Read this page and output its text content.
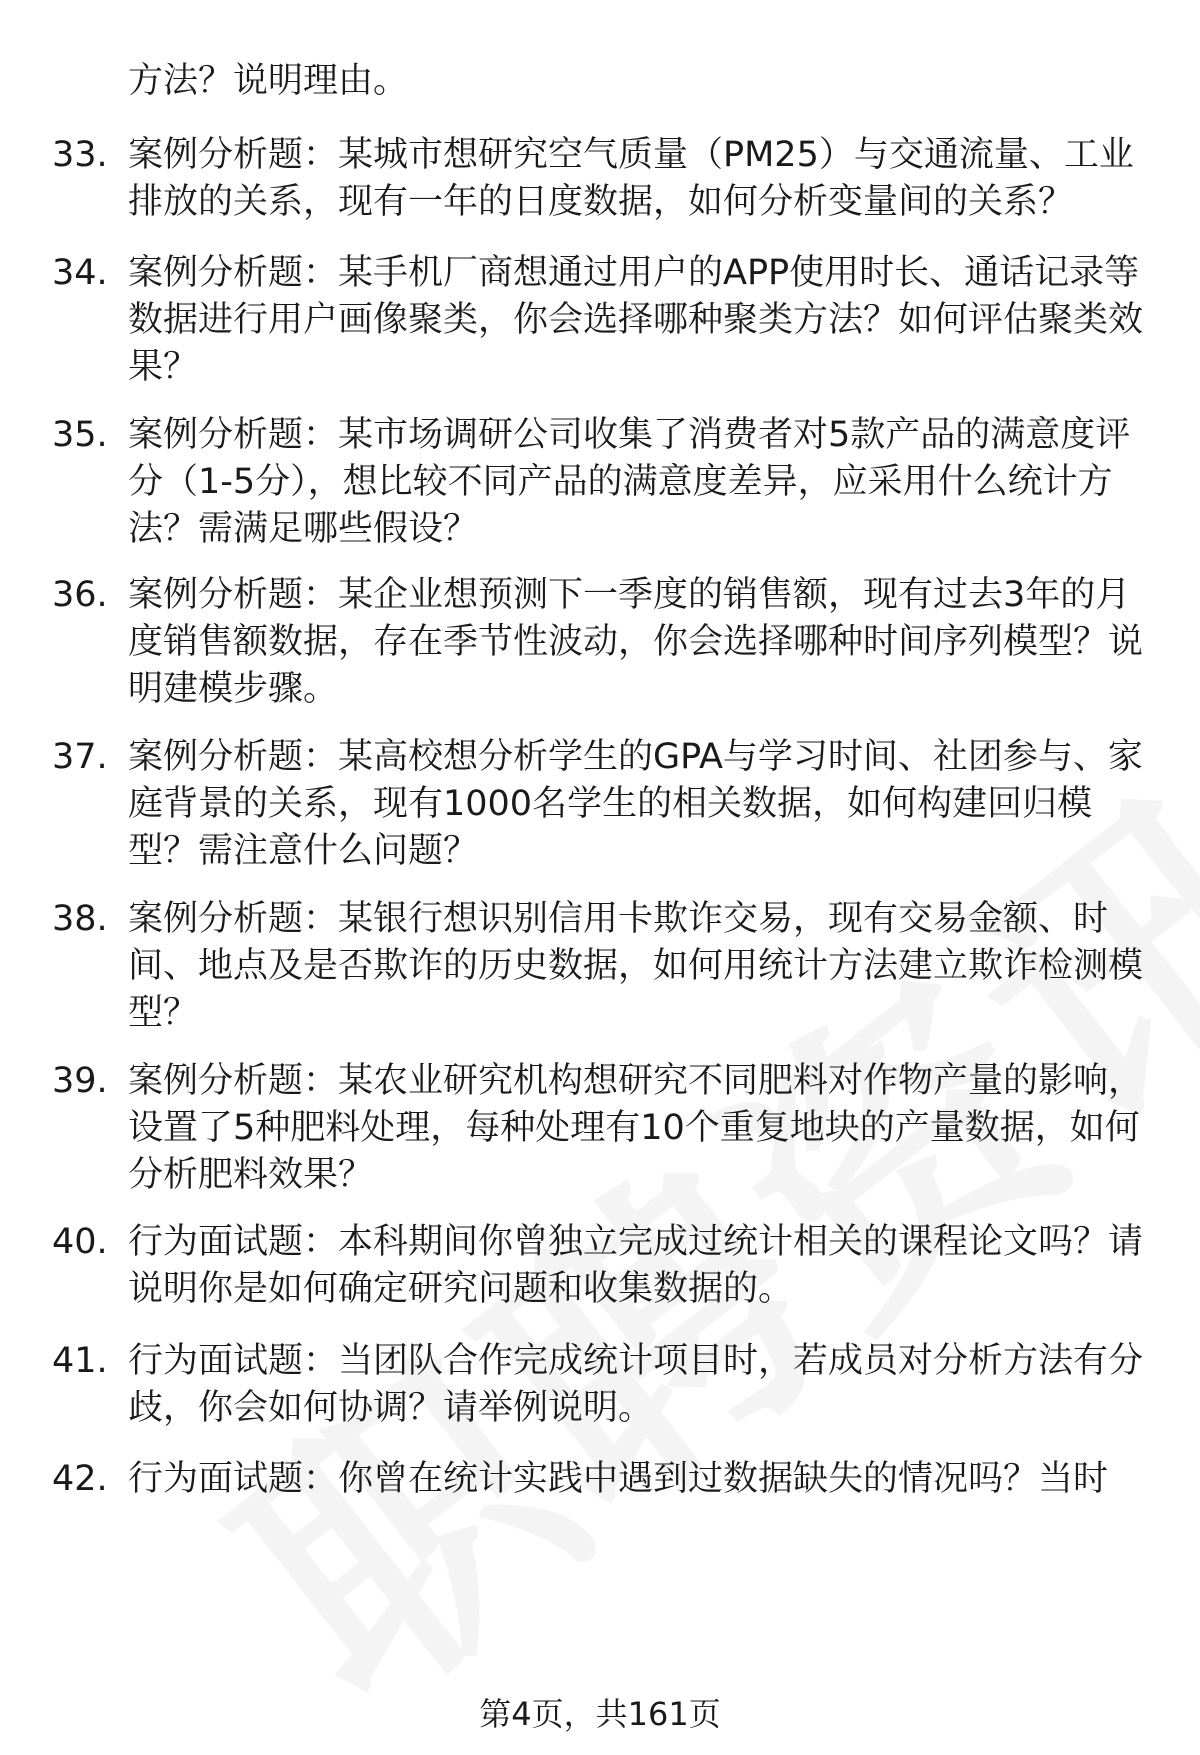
方法？说明理由。

33. 案例分析题：某城市想研究空气质量（PM25）与交通流量、工业排放的关系，现有一年的日度数据，如何分析变量间的关系？

34. 案例分析题：某手机厂商想通过用户的APP使用时长、通话记录等数据进行用户画像聚类，你会选择哪种聚类方法？如何评估聚类效果？

35. 案例分析题：某市场调研公司收集了消费者对5款产品的满意度评分（1-5分），想比较不同产品的满意度差异，应采用什么统计方法？需满足哪些假设？

36. 案例分析题：某企业想预测下一季度的销售额，现有过去3年的月度销售额数据，存在季节性波动，你会选择哪种时间序列模型？说明建模步骤。

37. 案例分析题：某高校想分析学生的GPA与学习时间、社团参与、家庭背景的关系，现有1000名学生的相关数据，如何构建回归模型？需注意什么问题？

38. 案例分析题：某银行想识别信用卡欺诈交易，现有交易金额、时间、地点及是否欺诈的历史数据，如何用统计方法建立欺诈检测模型？

39. 案例分析题：某农业研究机构想研究不同肥料对作物产量的影响，设置了5种肥料处理，每种处理有10个重复地块的产量数据，如何分析肥料效果？

40. 行为面试题：本科期间你曾独立完成过统计相关的课程论文吗？请说明你是如何确定研究问题和收集数据的。

41. 行为面试题：当团队合作完成统计项目时，若成员对分析方法有分歧，你会如何协调？请举例说明。

42. 行为面试题：你曾在统计实践中遇到过数据缺失的情况吗？当时

第4页，共161页
